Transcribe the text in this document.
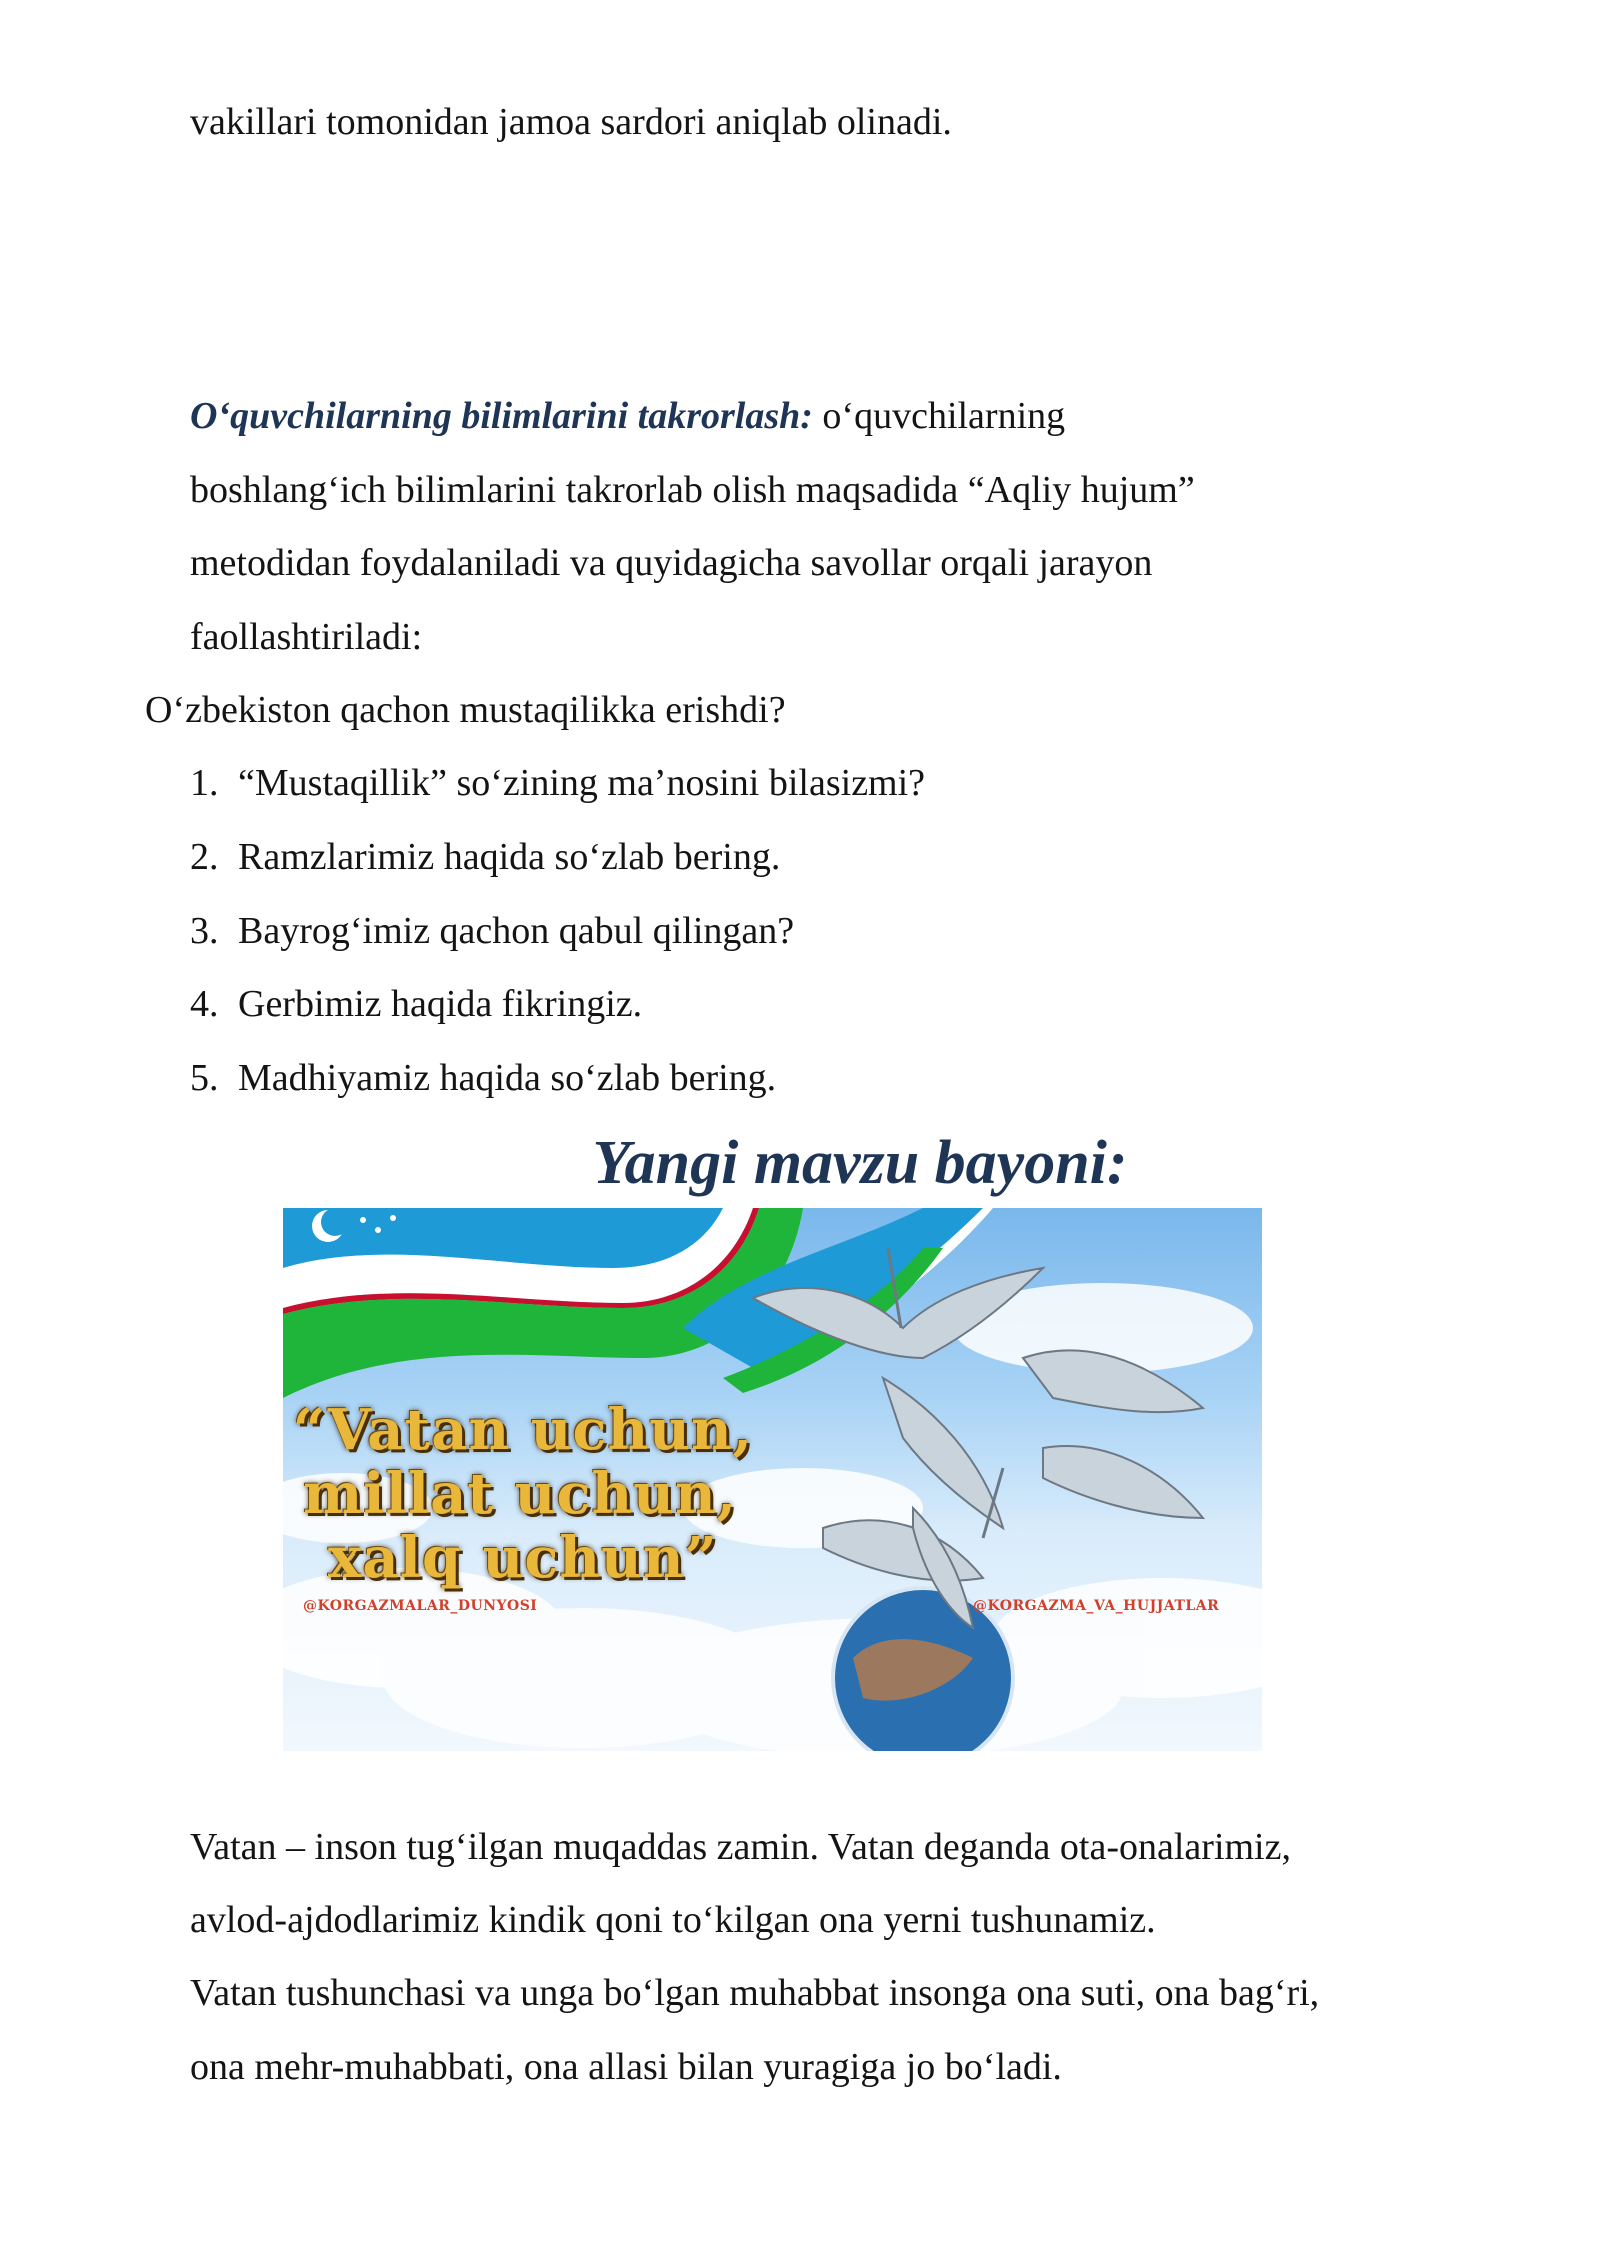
vakillari tomonidan jamoa sardori aniqlab olinadi.
O‘quvchilarning bilimlarini takrorlash: o‘quvchilarning
boshlang‘ich bilimlarini takrorlab olish maqsadida “Aqliy hujum”
metodidan foydalaniladi va quyidagicha savollar orqali jarayon
faollashtiriladi:
O‘zbekiston qachon mustaqilikka erishdi?
1. “Mustaqillik” so‘zining ma’nosini bilasizmi?
2. Ramzlarimiz haqida so‘zlab bering.
3. Bayrog‘imiz qachon qabul qilingan?
4. Gerbimiz haqida fikringiz.
5. Madhiyamiz haqida so‘zlab bering.
Yangi mavzu bayoni:
“Vatan uchun,
millat uchun,
xalq uchun”
@KORGAZMALAR_DUNYOSI	@KORGAZMA_VA_HUJJATLAR
Vatan – inson tug‘ilgan muqaddas zamin. Vatan deganda ota-onalarimiz,
avlod-ajdodlarimiz kindik qoni to‘kilgan ona yerni tushunamiz.
Vatan tushunchasi va unga bo‘lgan muhabbat insonga ona suti, ona bag‘ri,
ona mehr-muhabbati, ona allasi bilan yuragiga jo bo‘ladi.
